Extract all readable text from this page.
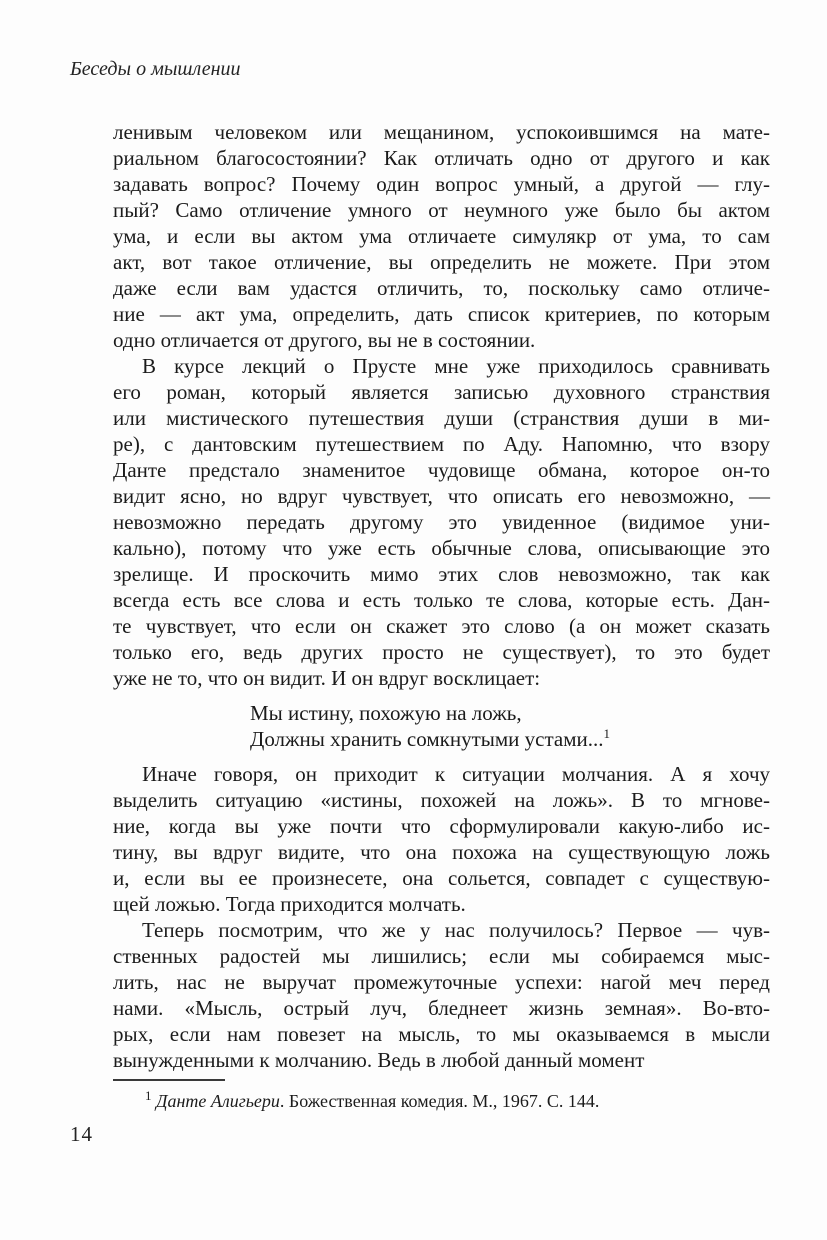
Беседы о мышлении
ленивым человеком или мещанином, успокоившимся на мате-
риальном благосостоянии? Как отличать одно от другого и как
задавать вопрос? Почему один вопрос умный, а другой — глу-
пый? Само отличение умного от неумного уже было бы актом
ума, и если вы актом ума отличаете симулякр от ума, то сам
акт, вот такое отличение, вы определить не можете. При этом
даже если вам удастся отличить, то, поскольку само отличе-
ние — акт ума, определить, дать список критериев, по которым
одно отличается от другого, вы не в состоянии.
В курсе лекций о Прусте мне уже приходилось сравнивать
его роман, который является записью духовного странствия
или мистического путешествия души (странствия души в ми-
ре), с дантовским путешествием по Аду. Напомню, что взору
Данте предстало знаменитое чудовище обмана, которое он-то
видит ясно, но вдруг чувствует, что описать его невозможно, —
невозможно передать другому это увиденное (видимое уни-
кально), потому что уже есть обычные слова, описывающие это
зрелище. И проскочить мимо этих слов невозможно, так как
всегда есть все слова и есть только те слова, которые есть. Дан-
те чувствует, что если он скажет это слово (а он может сказать
только его, ведь других просто не существует), то это будет
уже не то, что он видит. И он вдруг восклицает:
Мы истину, похожую на ложь,
Должны хранить сомкнутыми устами...$^1$
Иначе говоря, он приходит к ситуации молчания. А я хочу
выделить ситуацию «истины, похожей на ложь». В то мгнове-
ние, когда вы уже почти что сформулировали какую-либо ис-
тину, вы вдруг видите, что она похожа на существующую ложь
и, если вы ее произнесете, она сольется, совпадет с существую-
щей ложью. Тогда приходится молчать.
Теперь посмотрим, что же у нас получилось? Первое — чув-
ственных радостей мы лишились; если мы собираемся мыс-
лить, нас не выручат промежуточные успехи: нагой меч перед
нами. «Мысль, острый луч, бледнеет жизнь земная». Во-вто-
рых, если нам повезет на мысль, то мы оказываемся в мысли
вынужденными к молчанию. Ведь в любой данный момент
$^1$ Данте Алигьери. Божественная комедия. М., 1967. С. 144.
14
